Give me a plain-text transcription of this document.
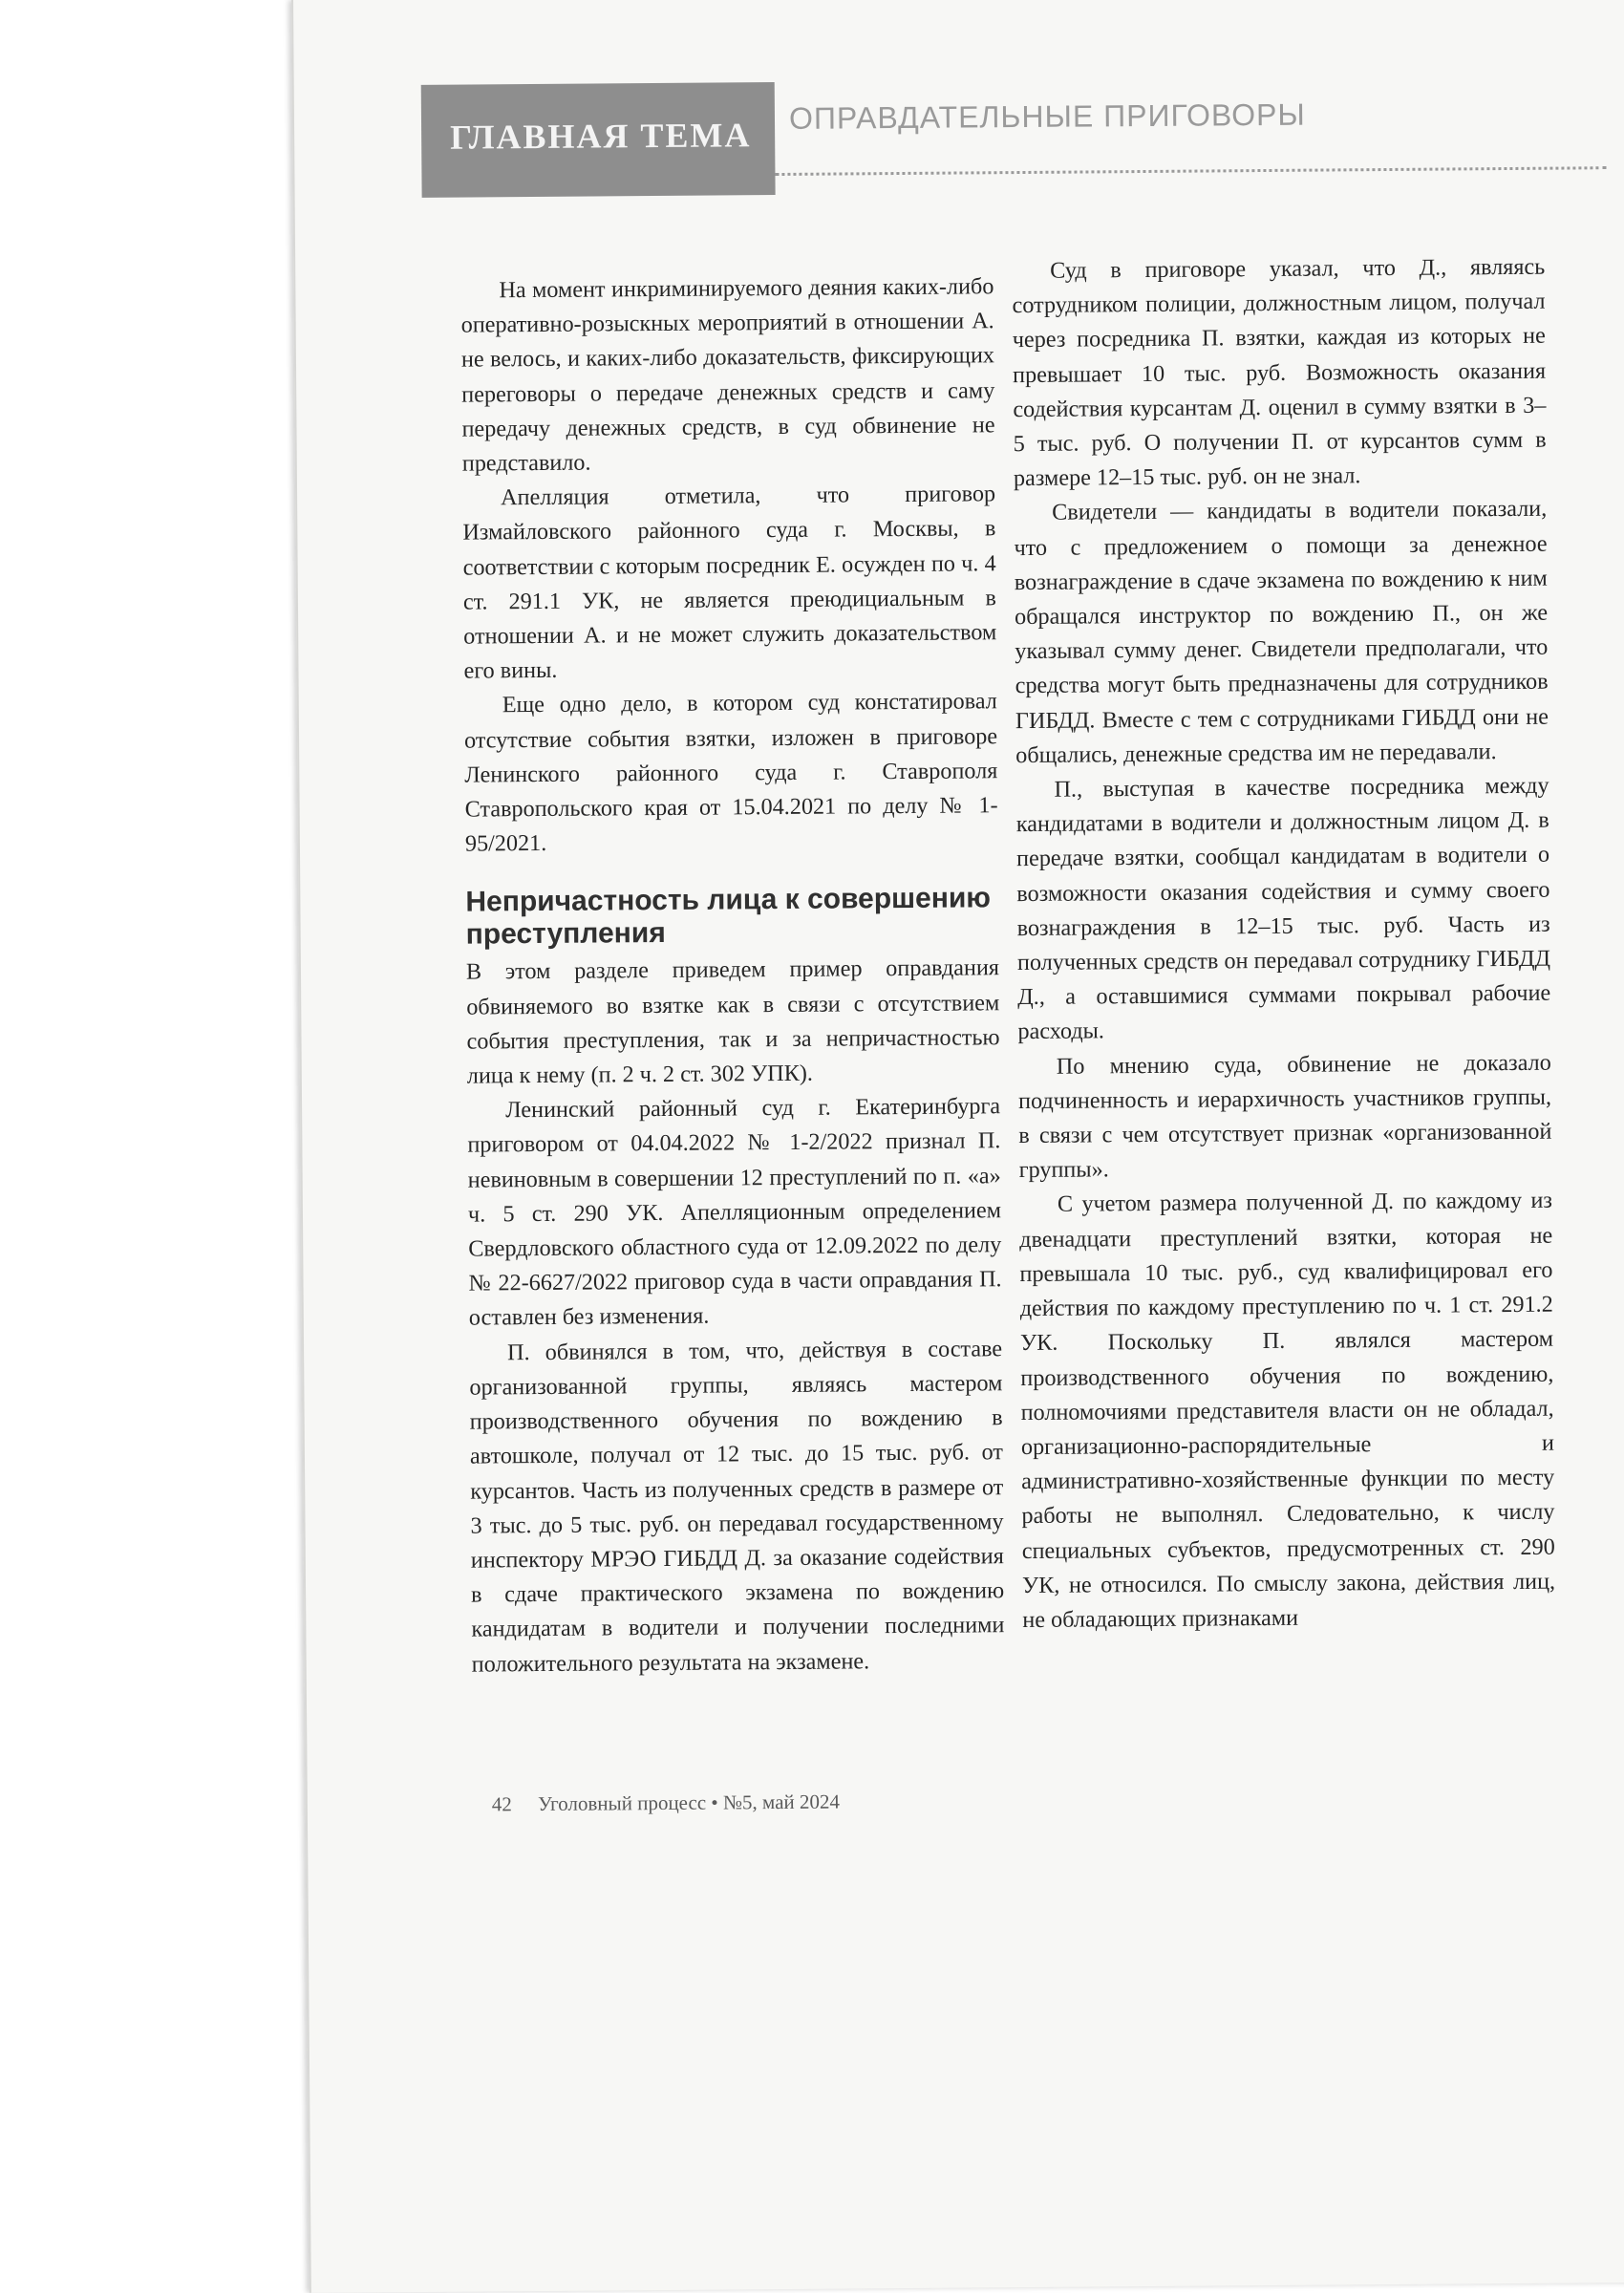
ГЛАВНАЯ ТЕМА ОПРАВДАТЕЛЬНЫЕ ПРИГОВОРЫ

На момент инкриминируемого деяния каких-либо оперативно-розыскных мероприятий в отношении А. не велось, и каких-либо доказательств, фиксирующих переговоры о передаче денежных средств и саму передачу денежных средств, в суд обвинение не представило.

Апелляция отметила, что приговор Измайловского районного суда г. Москвы, в соответствии с которым посредник Е. осужден по ч. 4 ст. 291.1 УК, не является преюдициальным в отношении А. и не может служить доказательством его вины.

Еще одно дело, в котором суд констатировал отсутствие события взятки, изложен в приговоре Ленинского районного суда г. Ставрополя Ставропольского края от 15.04.2021 по делу № 1-95/2021.

Непричастность лица к совершению преступления

В этом разделе приведем пример оправдания обвиняемого во взятке как в связи с отсутствием события преступления, так и за непричастностью лица к нему (п. 2 ч. 2 ст. 302 УПК).

Ленинский районный суд г. Екатеринбурга приговором от 04.04.2022 № 1-2/2022 признал П. невиновным в совершении 12 преступлений по п. «а» ч. 5 ст. 290 УК. Апелляционным определением Свердловского областного суда от 12.09.2022 по делу № 22-6627/2022 приговор суда в части оправдания П. оставлен без изменения.

П. обвинялся в том, что, действуя в составе организованной группы, являясь мастером производственного обучения по вождению в автошколе, получал от 12 тыс. до 15 тыс. руб. от курсантов. Часть из полученных средств в размере от 3 тыс. до 5 тыс. руб. он передавал государственному инспектору МРЭО ГИБДД Д. за оказание содействия в сдаче практического экзамена по вождению кандидатам в водители и получении последними положительного результата на экзамене.

Суд в приговоре указал, что Д., являясь сотрудником полиции, должностным лицом, получал через посредника П. взятки, каждая из которых не превышает 10 тыс. руб. Возможность оказания содействия курсантам Д. оценил в сумму взятки в 3–5 тыс. руб. О получении П. от курсантов сумм в размере 12–15 тыс. руб. он не знал.

Свидетели — кандидаты в водители показали, что с предложением о помощи за денежное вознаграждение в сдаче экзамена по вождению к ним обращался инструктор по вождению П., он же указывал сумму денег. Свидетели предполагали, что средства могут быть предназначены для сотрудников ГИБДД. Вместе с тем с сотрудниками ГИБДД они не общались, денежные средства им не передавали.

П., выступая в качестве посредника между кандидатами в водители и должностным лицом Д. в передаче взятки, сообщал кандидатам в водители о возможности оказания содействия и сумму своего вознаграждения в 12–15 тыс. руб. Часть из полученных средств он передавал сотруднику ГИБДД Д., а оставшимися суммами покрывал рабочие расходы.

По мнению суда, обвинение не доказало подчиненность и иерархичность участников группы, в связи с чем отсутствует признак «организованной группы».

С учетом размера полученной Д. по каждому из двенадцати преступлений взятки, которая не превышала 10 тыс. руб., суд квалифицировал его действия по каждому преступлению по ч. 1 ст. 291.2 УК. Поскольку П. являлся мастером производственного обучения по вождению, полномочиями представителя власти он не обладал, организационно-распорядительные и административно-хозяйственные функции по месту работы не выполнял. Следовательно, к числу специальных субъектов, предусмотренных ст. 290 УК, не относился. По смыслу закона, действия лиц, не обладающих признаками

42 Уголовный процесс • №5, май 2024
